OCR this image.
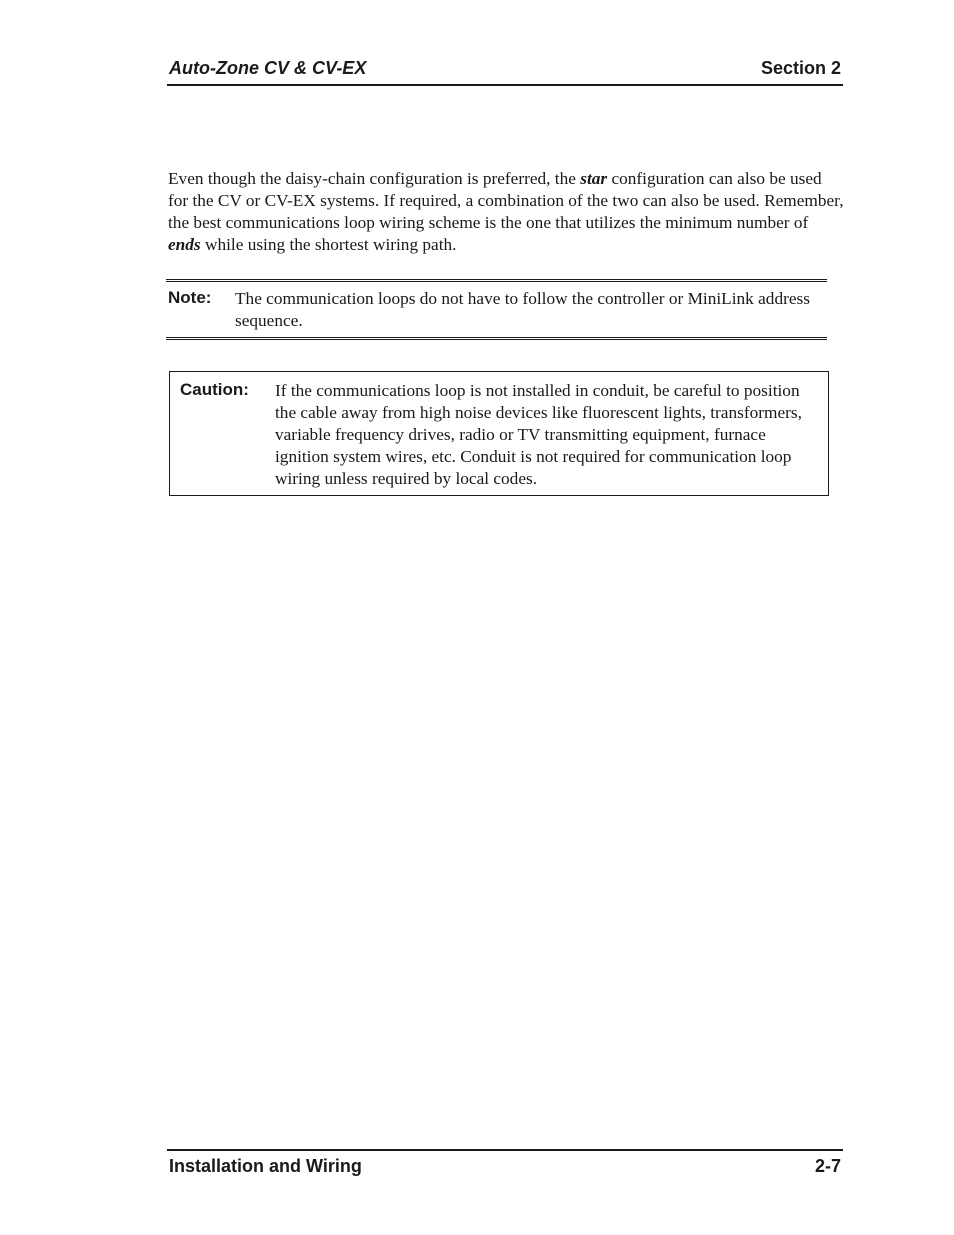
Auto-Zone CV & CV-EX	Section 2

Even though the daisy-chain configuration is preferred, the star configuration can also be used for the CV or CV-EX systems. If required, a combination of the two can also be used. Remember, the best communications loop wiring scheme is the one that utilizes the minimum number of ends while using the shortest wiring path.

Note: The communication loops do not have to follow the controller or MiniLink address sequence.
Caution: If the communications loop is not installed in conduit, be careful to position the cable away from high noise devices like fluorescent lights, transformers, variable frequency drives, radio or TV transmitting equipment, furnace ignition system wires, etc. Conduit is not required for communication loop wiring unless required by local codes.
Installation and Wiring	2-7
